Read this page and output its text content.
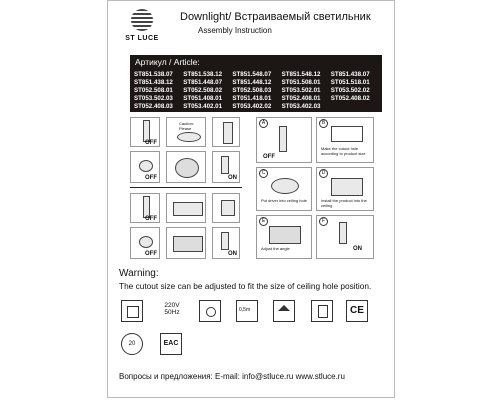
ST LUCE
Downlight/ Встраиваемый светильник
Assembly Instruction
Артикул / Article:
ST851.538.07	ST851.538.12	ST851.548.07	ST851.548.12	ST851.438.07
ST851.438.12	ST851.448.07	ST851.448.12	ST051.508.01	ST051.518.01
ST052.508.01	ST052.508.02	ST052.508.03	ST053.502.01	ST053.502.02
ST053.502.03	ST051.408.01	ST051.418.01	ST052.408.01	ST052.408.02
ST052.408.03	ST053.402.01	ST053.402.02	ST053.402.03
OFF
Caution: Please
OFF	ON
OFF
OFF	ON
A
OFF
B
Make the cutout hole according to product size
C
Put driver into ceiling hole
D
Install the product into the ceiling
E
Adjust the angle
F
ON
Warning:
The cutout size can be adjusted to fit the size of ceiling hole position.
220V
50Hz	0,5m	CE
20	EAC
Вопросы и предложения: E-mail: info@stluce.ru www.stluce.ru
